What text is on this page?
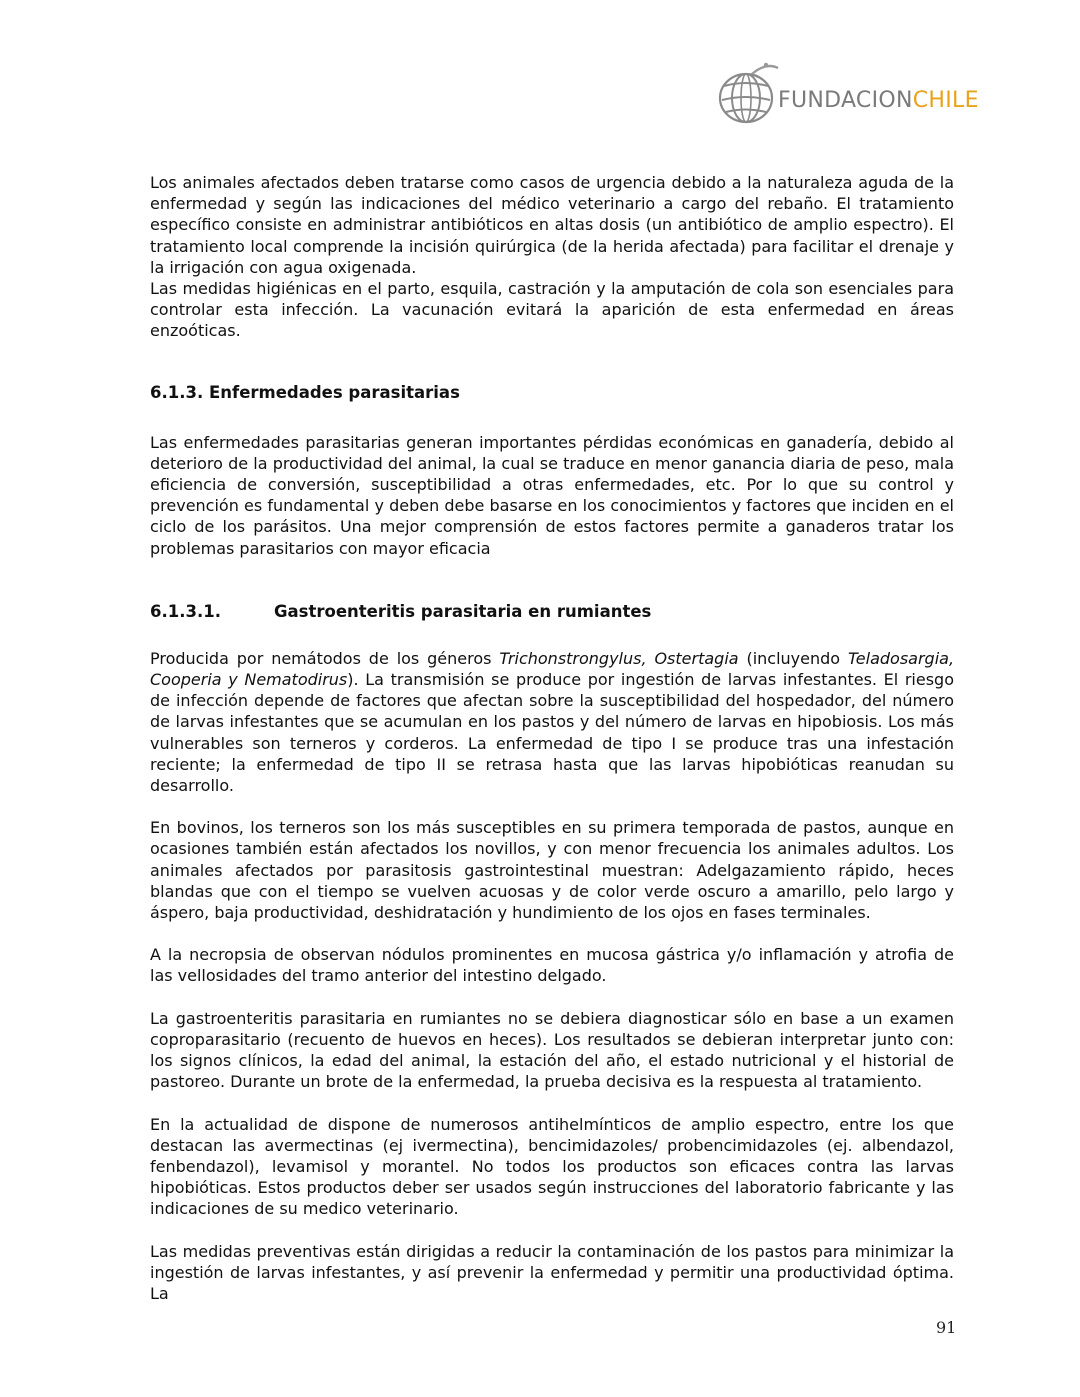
FUNDACIONCHILE

Los animales afectados deben tratarse como casos de urgencia debido a la naturaleza aguda de la enfermedad y según las indicaciones del médico veterinario a cargo del rebaño. El tratamiento específico consiste en administrar antibióticos en altas dosis (un antibiótico de amplio espectro). El tratamiento local comprende la incisión quirúrgica (de la herida afectada) para facilitar el drenaje y la irrigación con agua oxigenada.

Las medidas higiénicas en el parto, esquila, castración y la amputación de cola son esenciales para controlar esta infección. La vacunación evitará la aparición de esta enfermedad en áreas enzoóticas.

6.1.3. Enfermedades parasitarias

Las enfermedades parasitarias generan importantes pérdidas económicas en ganadería, debido al deterioro de la productividad del animal, la cual se traduce en menor ganancia diaria de peso, mala eficiencia de conversión, susceptibilidad a otras enfermedades, etc. Por lo que su control y prevención es fundamental y deben debe basarse en los conocimientos y factores que inciden en el ciclo de los parásitos. Una mejor comprensión de estos factores permite a ganaderos tratar los problemas parasitarios con mayor eficacia

6.1.3.1.	Gastroenteritis parasitaria en rumiantes

Producida por nemátodos de los géneros Trichonstrongylus, Ostertagia (incluyendo Teladosargia, Cooperia y Nematodirus). La transmisión se produce por ingestión de larvas infestantes. El riesgo de infección depende de factores que afectan sobre la susceptibilidad del hospedador, del número de larvas infestantes que se acumulan en los pastos y del número de larvas en hipobiosis. Los más vulnerables son terneros y corderos. La enfermedad de tipo I se produce tras una infestación reciente; la enfermedad de tipo II se retrasa hasta que las larvas hipobióticas reanudan su desarrollo.

En bovinos, los terneros son los más susceptibles en su primera temporada de pastos, aunque en ocasiones también están afectados los novillos, y con menor frecuencia los animales adultos. Los animales afectados por parasitosis gastrointestinal muestran: Adelgazamiento rápido, heces blandas que con el tiempo se vuelven acuosas y de color verde oscuro a amarillo, pelo largo y áspero, baja productividad, deshidratación y hundimiento de los ojos en fases terminales.

A la necropsia de observan nódulos prominentes en mucosa gástrica y/o inflamación y atrofia de las vellosidades del tramo anterior del intestino delgado.

La gastroenteritis parasitaria en rumiantes no se debiera diagnosticar sólo en base a un examen coproparasitario (recuento de huevos en heces). Los resultados se debieran interpretar junto con: los signos clínicos, la edad del animal, la estación del año, el estado nutricional y el historial de pastoreo. Durante un brote de la enfermedad, la prueba decisiva es la respuesta al tratamiento.

En la actualidad de dispone de numerosos antihelmínticos de amplio espectro, entre los que destacan las avermectinas (ej ivermectina), bencimidazoles/ probencimidazoles (ej. albendazol, fenbendazol), levamisol y morantel. No todos los productos son eficaces contra las larvas hipobióticas. Estos productos deber ser usados según instrucciones del laboratorio fabricante y las indicaciones de su medico veterinario.

Las medidas preventivas están dirigidas a reducir la contaminación de los pastos para minimizar la ingestión de larvas infestantes, y así prevenir la enfermedad y permitir una productividad óptima. La

91
